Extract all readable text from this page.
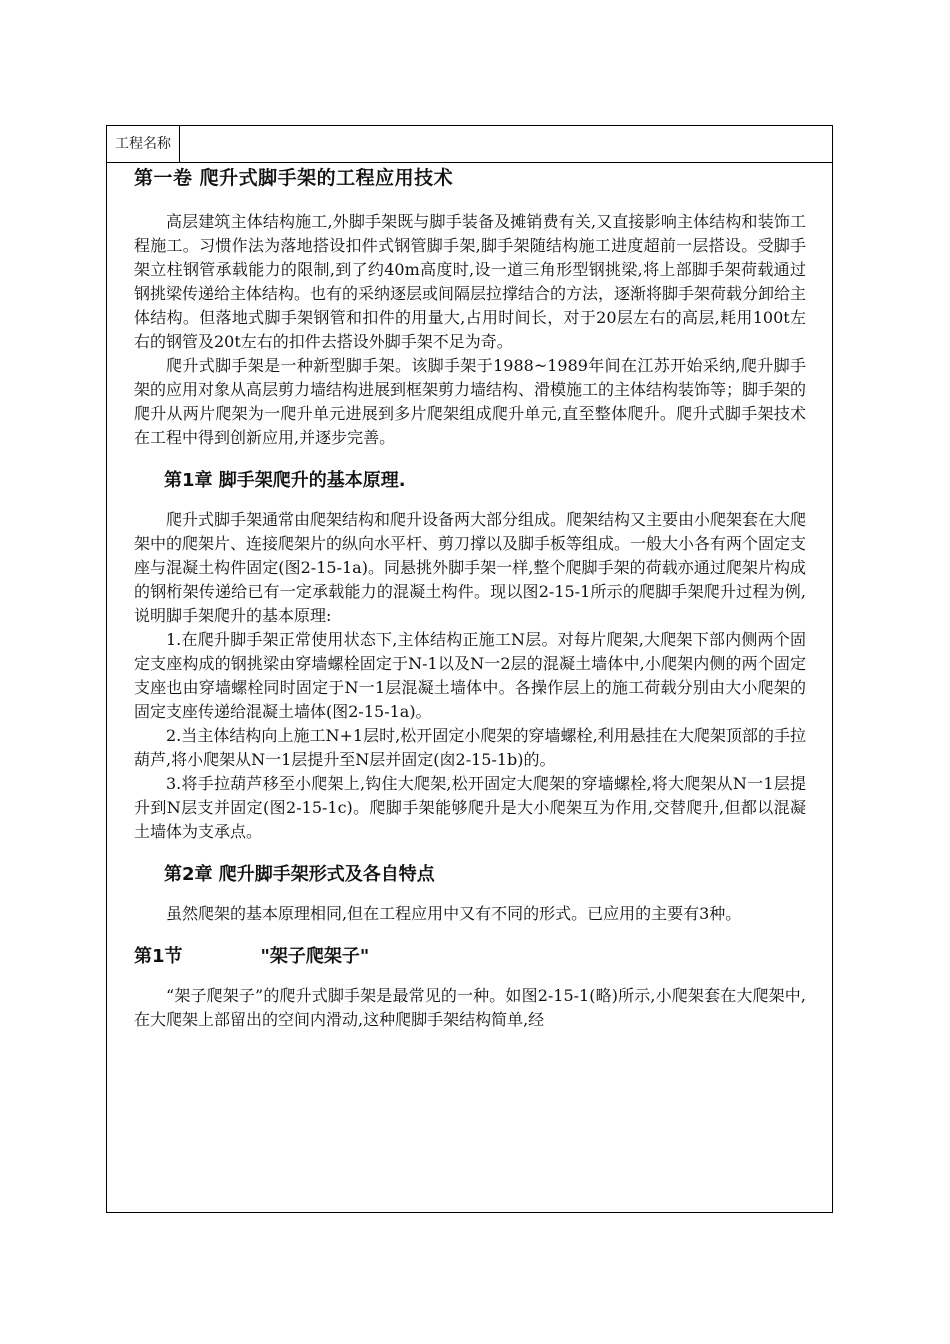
工程名称
第一卷 爬升式脚手架的工程应用技术

高层建筑主体结构施工,外脚手架既与脚手装备及摊销费有关,又直接影响主体结构和装饰工程施工。习惯作法为落地搭设扣件式钢管脚手架,脚手架随结构施工进度超前一层搭设。受脚手架立柱钢管承载能力的限制,到了约40m高度时,设一道三角形型钢挑梁,将上部脚手架荷载通过钢挑梁传递给主体结构。也有的采纳逐层或间隔层拉撑结合的方法，逐渐将脚手架荷载分卸给主体结构。但落地式脚手架钢管和扣件的用量大,占用时间长，对于20层左右的高层,耗用100t左右的钢管及20t左右的扣件去搭设外脚手架不足为奇。

爬升式脚手架是一种新型脚手架。该脚手架于1988~1989年间在江苏开始采纳,爬升脚手架的应用对象从高层剪力墙结构进展到框架剪力墙结构、滑模施工的主体结构装饰等；脚手架的爬升从两片爬架为一爬升单元进展到多片爬架组成爬升单元,直至整体爬升。爬升式脚手架技术在工程中得到创新应用,并逐步完善。

第1章 脚手架爬升的基本原理.

爬升式脚手架通常由爬架结构和爬升设备两大部分组成。爬架结构又主要由小爬架套在大爬架中的爬架片、连接爬架片的纵向水平杆、剪刀撑以及脚手板等组成。一般大小各有两个固定支座与混凝土构件固定(图2-15-1a)。同悬挑外脚手架一样,整个爬脚手架的荷载亦通过爬架片构成的钢桁架传递给已有一定承载能力的混凝土构件。现以图2-15-1所示的爬脚手架爬升过程为例,说明脚手架爬升的基本原理:

1.在爬升脚手架正常使用状态下,主体结构正施工N层。对每片爬架,大爬架下部内侧两个固定支座构成的钢挑梁由穿墙螺栓固定于N-1以及N一2层的混凝土墙体中,小爬架内侧的两个固定支座也由穿墙螺栓同时固定于N一1层混凝土墙体中。各操作层上的施工荷载分别由大小爬架的固定支座传递给混凝土墙体(图2-15-1a)。

2.当主体结构向上施工N+1层时,松开固定小爬架的穿墙螺栓,利用悬挂在大爬架顶部的手拉葫芦,将小爬架从N一1层提升至N层并固定(囱2-15-1b)的。

3.将手拉葫芦移至小爬架上,钩住大爬架,松开固定大爬架的穿墙螺栓,将大爬架从N一1层提升到N层支并固定(图2-15-1c)。爬脚手架能够爬升是大小爬架互为作用,交替爬升,但都以混凝土墙体为支承点。

第2章 爬升脚手架形式及各自特点

虽然爬架的基本原理相同,但在工程应用中又有不同的形式。已应用的主要有3种。

第1节	"架子爬架子"

“架子爬架子”的爬升式脚手架是最常见的一种。如图2-15-1(略)所示,小爬架套在大爬架中,在大爬架上部留出的空间内滑动,这种爬脚手架结构简单,经
